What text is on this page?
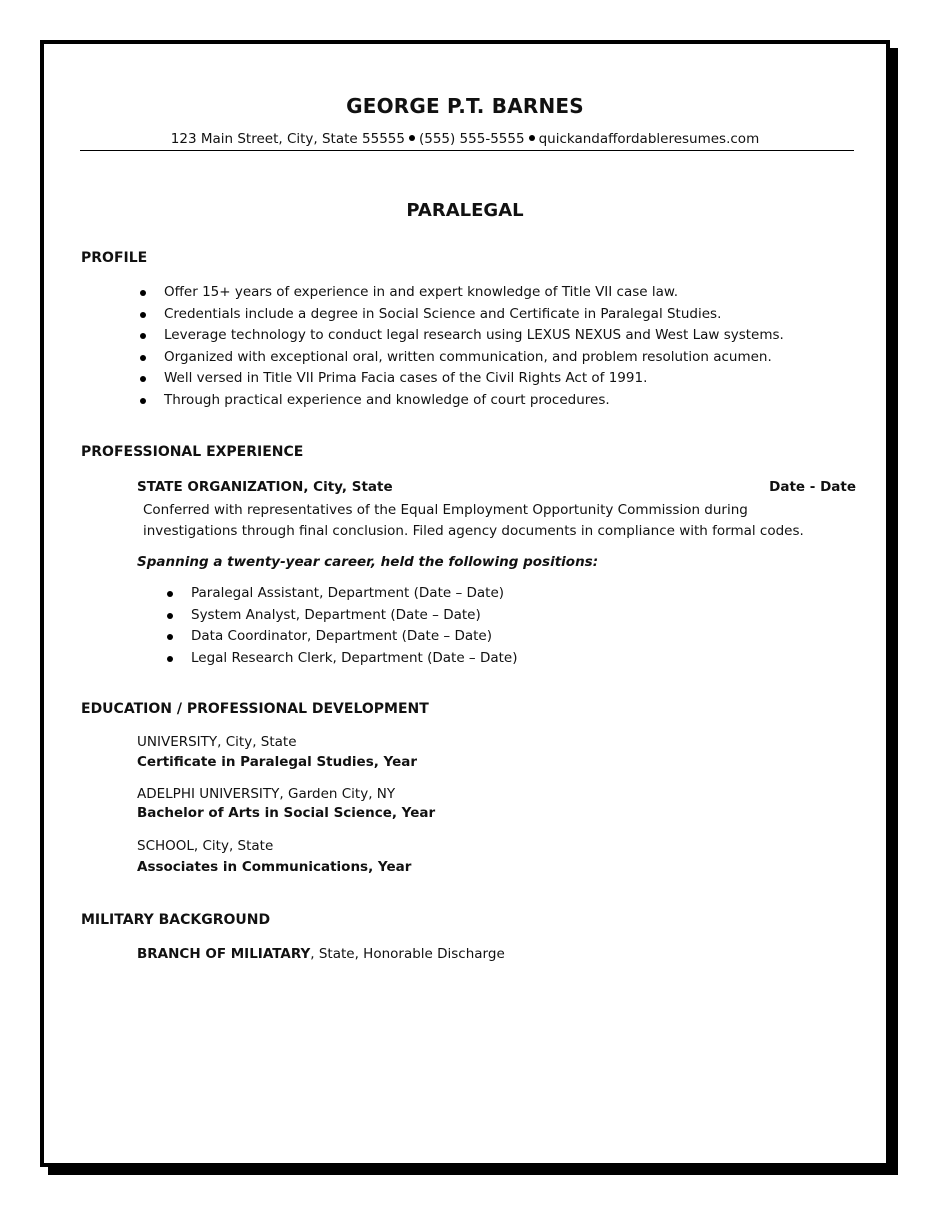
GEORGE P.T. BARNES
123 Main Street, City, State 55555 (555) 555-5555 quickandaffordableresumes.com
PARALEGAL
PROFILE
Offer 15+ years of experience in and expert knowledge of Title VII case law.
Credentials include a degree in Social Science and Certificate in Paralegal Studies.
Leverage technology to conduct legal research using LEXUS NEXUS and West Law systems.
Organized with exceptional oral, written communication, and problem resolution acumen.
Well versed in Title VII Prima Facia cases of the Civil Rights Act of 1991.
Through practical experience and knowledge of court procedures.
PROFESSIONAL EXPERIENCE
STATE ORGANIZATION, City, State	Date - Date
Conferred with representatives of the Equal Employment Opportunity Commission during investigations through final conclusion. Filed agency documents in compliance with formal codes.
Spanning a twenty-year career, held the following positions:
Paralegal Assistant, Department (Date – Date)
System Analyst, Department (Date – Date)
Data Coordinator, Department (Date – Date)
Legal Research Clerk, Department (Date – Date)
EDUCATION / PROFESSIONAL DEVELOPMENT
UNIVERSITY, City, State
Certificate in Paralegal Studies, Year
ADELPHI UNIVERSITY, Garden City, NY
Bachelor of Arts in Social Science, Year
SCHOOL, City, State
Associates in Communications, Year
MILITARY BACKGROUND
BRANCH OF MILIATARY, State, Honorable Discharge
